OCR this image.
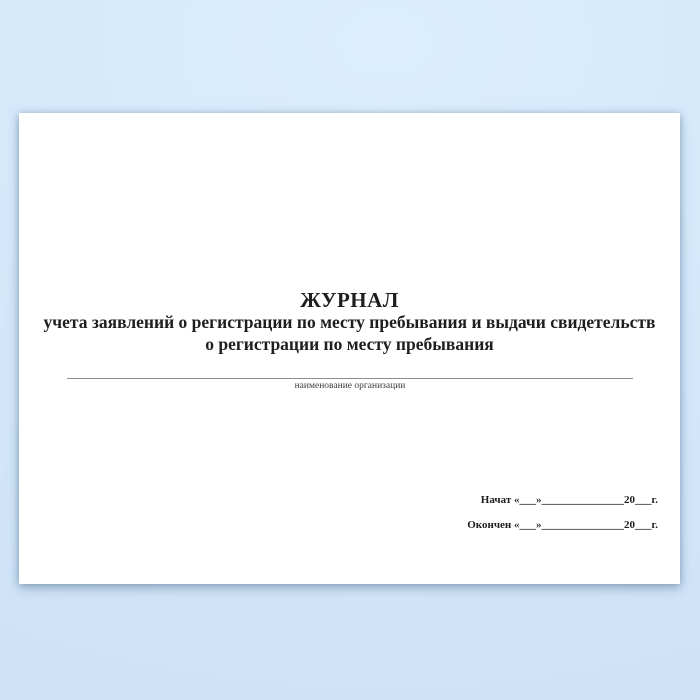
ЖУРНАЛ
учета заявлений о регистрации по месту пребывания и выдачи свидетельств
о регистрации по месту пребывания
наименование организации
Начат «___»_______________20___г.
Окончен «___»_______________20___г.
